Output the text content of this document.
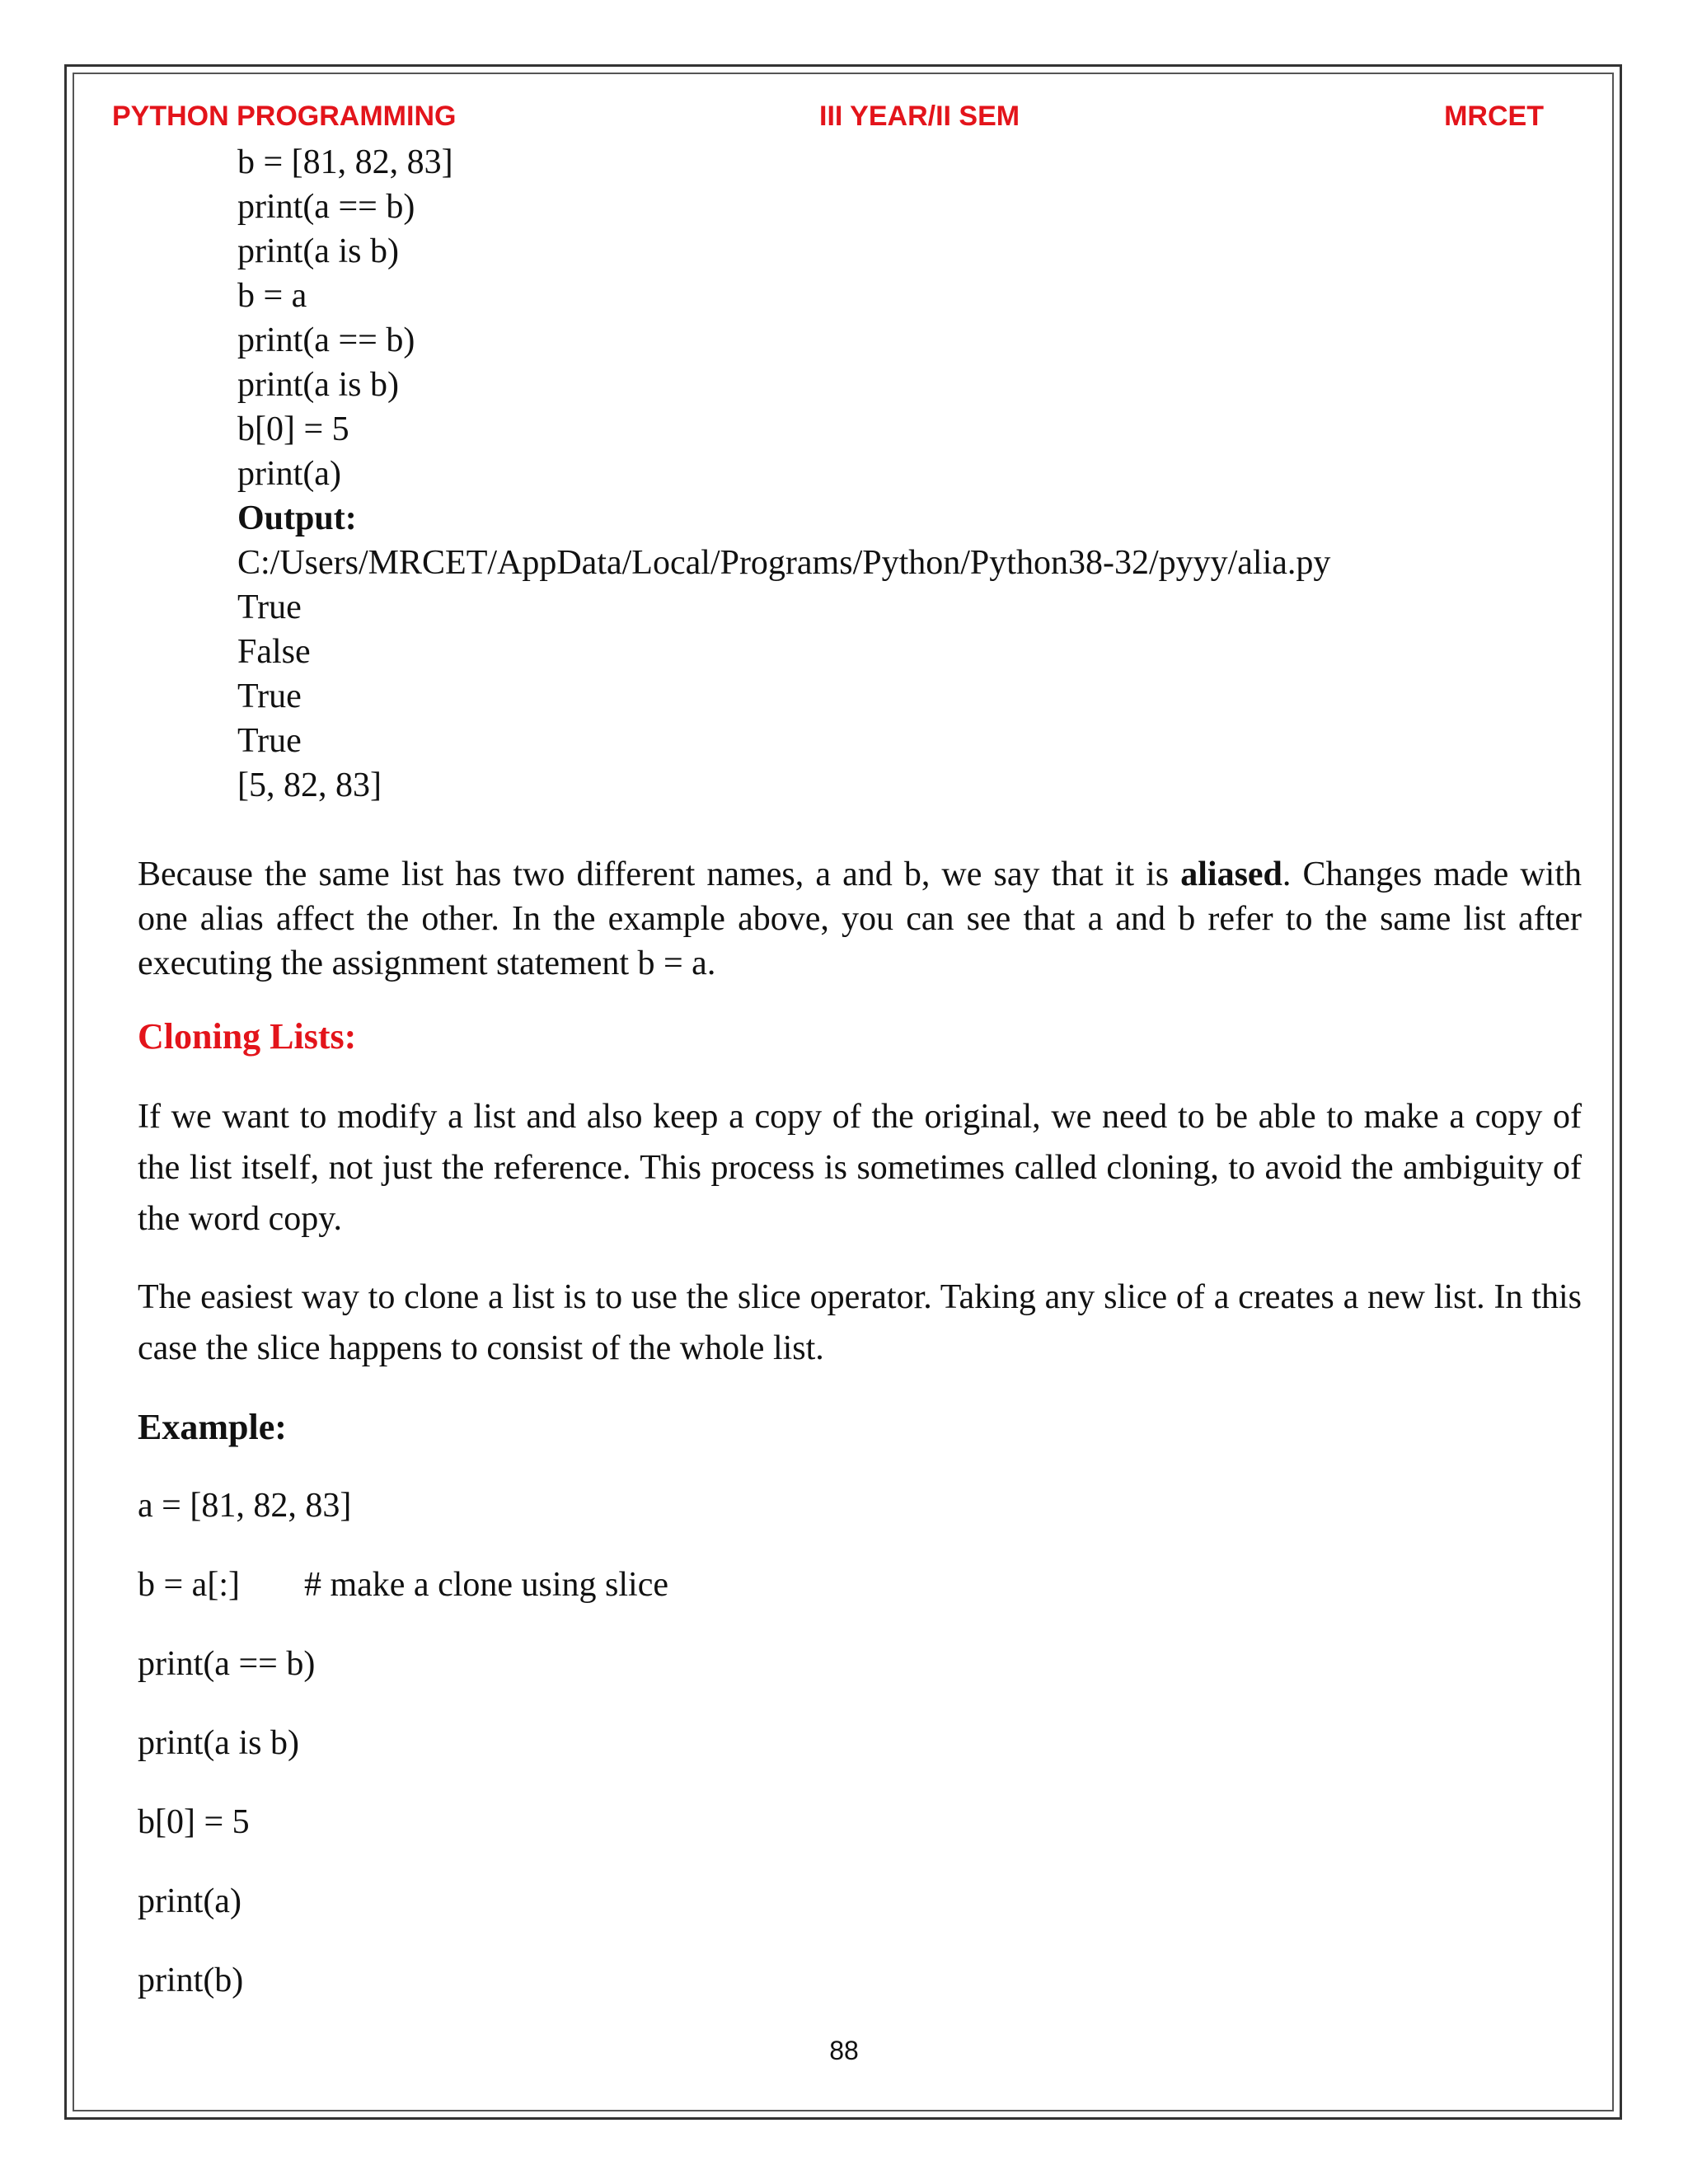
PYTHON PROGRAMMING	III YEAR/II SEM	MRCET
b = [81, 82, 83]
print(a == b)
print(a is b)
b = a
print(a == b)
print(a is b)
b[0] = 5
print(a)
Output:
C:/Users/MRCET/AppData/Local/Programs/Python/Python38-32/pyyy/alia.py
True
False
True
True
[5, 82, 83]
Because the same list has two different names, a and b, we say that it is aliased. Changes made with one alias affect the other. In the example above, you can see that a and b refer to the same list after executing the assignment statement b = a.
Cloning Lists:
If we want to modify a list and also keep a copy of the original, we need to be able to make a copy of the list itself, not just the reference. This process is sometimes called cloning, to avoid the ambiguity of the word copy.
The easiest way to clone a list is to use the slice operator. Taking any slice of a creates a new list. In this case the slice happens to consist of the whole list.
Example:
a = [81, 82, 83]
b = a[:] # make a clone using slice
print(a == b)
print(a is b)
b[0] = 5
print(a)
print(b)
88
